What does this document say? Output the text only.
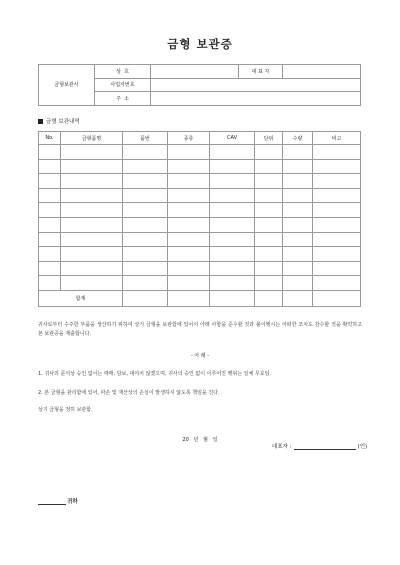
금형 보관증
금형보관사	상  호		대 표 자	
	사업자번호			
	주  소			
금형 보관내역
No.	금형품명	품번	종류	CAV	단위	수량	비고

합계							
귀사로부터 수주한 부품을 생산하기 위하여 상기 금형을 보관함에 있어서 아래 사항을 준수할 것과 불이행시는 어떠한 조치도 감수할 것을 확약하고 본 보관증을 제출합니다.
- 아 래 -
1. 귀사의 문서상 승인 없이는 매매, 담보, 대여치 않겠으며, 귀사의 승인 없이 이루어진 행위는 일체 무효임.
2. 본 금형을 관리함에 있어, 파손 및 재산상의 손실이 발생하지 않도록 책임을 진다.
상기 금형을 정히 보관함.
20   년   월   일
대표자 :	(인)
귀하
